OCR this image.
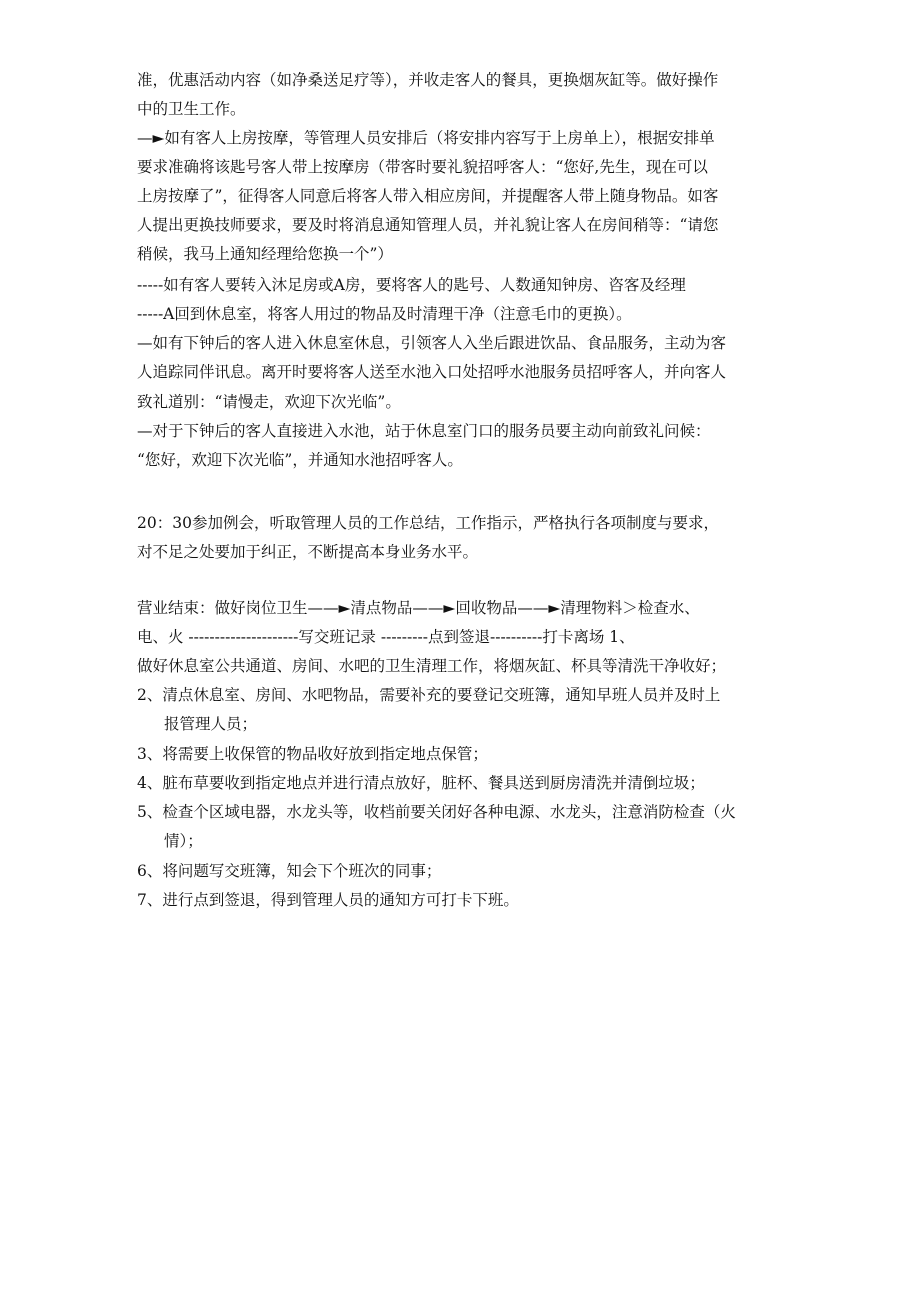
准，优惠活动内容（如净桑送足疗等），并收走客人的餐具，更换烟灰缸等。做好操作
中的卫生工作。
—►如有客人上房按摩，等管理人员安排后（将安排内容写于上房单上），根据安排单
要求准确将该匙号客人带上按摩房（带客时要礼貌招呼客人：“您好,先生，现在可以
上房按摩了”，征得客人同意后将客人带入相应房间，并提醒客人带上随身物品。如客
人提出更换技师要求，要及时将消息通知管理人员，并礼貌让客人在房间稍等：“请您
稍候，我马上通知经理给您换一个”）
-----如有客人要转入沐足房或A房，要将客人的匙号、人数通知钟房、咨客及经理
-----A回到休息室，将客人用过的物品及时清理干净（注意毛巾的更换）。
—如有下钟后的客人进入休息室休息，引领客人入坐后跟进饮品、食品服务，主动为客
人追踪同伴讯息。离开时要将客人送至水池入口处招呼水池服务员招呼客人，并向客人
致礼道别：“请慢走，欢迎下次光临”。
—对于下钟后的客人直接进入水池，站于休息室门口的服务员要主动向前致礼问候：
“您好，欢迎下次光临”，并通知水池招呼客人。
20：30参加例会，听取管理人员的工作总结，工作指示，严格执行各项制度与要求，
对不足之处要加于纠正，不断提高本身业务水平。
营业结束：做好岗位卫生——►清点物品——►回收物品——►清理物料＞检查水、
电、火 ---------------------写交班记录 ---------点到签退----------打卡离场 1、
做好休息室公共通道、房间、水吧的卫生清理工作，将烟灰缸、杯具等清洗干净收好；
2、清点休息室、房间、水吧物品，需要补充的要登记交班簿，通知早班人员并及时上
报管理人员；
3、将需要上收保管的物品收好放到指定地点保管；
4、脏布草要收到指定地点并进行清点放好，脏杯、餐具送到厨房清洗并清倒垃圾；
5、检查个区域电器，水龙头等，收档前要关闭好各种电源、水龙头，注意消防检查（火
情）；
6、将问题写交班簿，知会下个班次的同事；
7、进行点到签退，得到管理人员的通知方可打卡下班。
